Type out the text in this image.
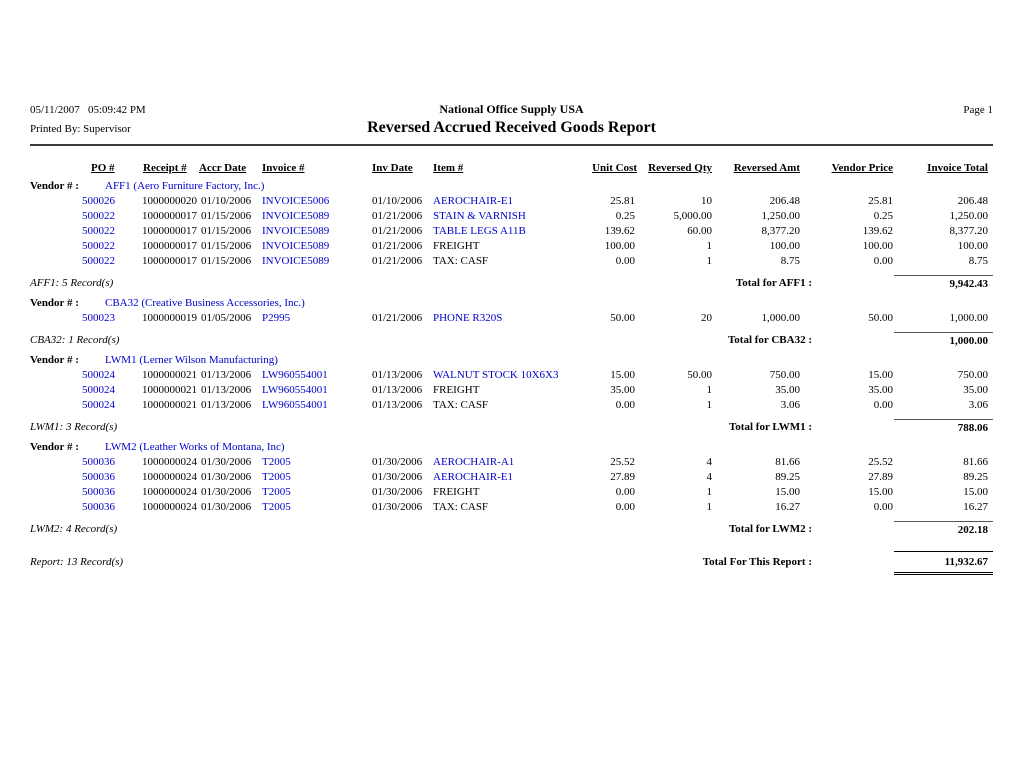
05/11/2007   05:09:42 PM	National Office Supply USA	Page 1
Printed By: Supervisor	Reversed Accrued Received Goods Report
PO #	Receipt # Accr Date Invoice #	Inv Date Item #	Unit Cost Reversed Qty Reversed Amt	Vendor Price	Invoice Total
Vendor # :	AFF1 (Aero Furniture Factory, Inc.)
500026	1000000020 01/10/2006 INVOICE5006	01/10/2006 AEROCHAIR-E1	25.81	10	206.48	25.81	206.48
500022	1000000017 01/15/2006 INVOICE5089	01/21/2006 STAIN & VARNISH	0.25	5,000.00	1,250.00	0.25	1,250.00
500022	1000000017 01/15/2006 INVOICE5089	01/21/2006 TABLE LEGS A11B	139.62	60.00	8,377.20	139.62	8,377.20
500022	1000000017 01/15/2006 INVOICE5089	01/21/2006 FREIGHT	100.00	1	100.00	100.00	100.00
500022	1000000017 01/15/2006 INVOICE5089	01/21/2006 TAX: CASF	0.00	1	8.75	0.00	8.75
AFF1: 5 Record(s)	Total for AFF1 :	9,942.43
Vendor # :	CBA32 (Creative Business Accessories, Inc.)
500023	1000000019 01/05/2006 P2995	01/21/2006 PHONE R320S	50.00	20	1,000.00	50.00	1,000.00
CBA32: 1 Record(s)	Total for CBA32 :	1,000.00
Vendor # :	LWM1 (Lerner Wilson Manufacturing)
500024	1000000021 01/13/2006 LW960554001	01/13/2006 WALNUT STOCK 10X6X3	15.00	50.00	750.00	15.00	750.00
500024	1000000021 01/13/2006 LW960554001	01/13/2006 FREIGHT	35.00	1	35.00	35.00	35.00
500024	1000000021 01/13/2006 LW960554001	01/13/2006 TAX: CASF	0.00	1	3.06	0.00	3.06
LWM1: 3 Record(s)	Total for LWM1 :	788.06
Vendor # :	LWM2 (Leather Works of Montana, Inc)
500036	1000000024 01/30/2006 T2005	01/30/2006 AEROCHAIR-A1	25.52	4	81.66	25.52	81.66
500036	1000000024 01/30/2006 T2005	01/30/2006 AEROCHAIR-E1	27.89	4	89.25	27.89	89.25
500036	1000000024 01/30/2006 T2005	01/30/2006 FREIGHT	0.00	1	15.00	15.00	15.00
500036	1000000024 01/30/2006 T2005	01/30/2006 TAX: CASF	0.00	1	16.27	0.00	16.27
LWM2: 4 Record(s)	Total for LWM2 :	202.18
Report: 13 Record(s)	Total For This Report :	11,932.67
